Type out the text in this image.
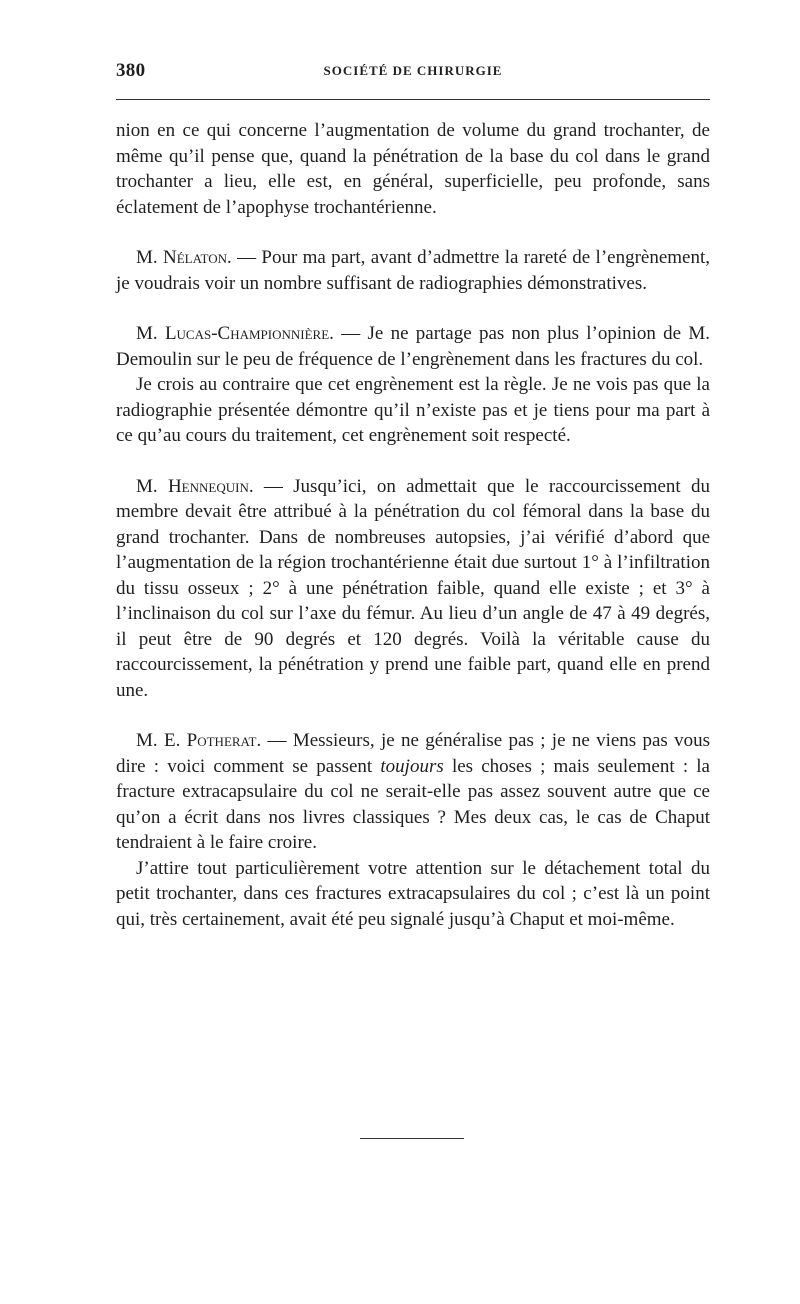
380	SOCIÉTÉ DE CHIRURGIE

nion en ce qui concerne l’augmentation de volume du grand trochanter, de même qu’il pense que, quand la pénétration de la base du col dans le grand trochanter a lieu, elle est, en général, superficielle, peu profonde, sans éclatement de l’apophyse trochantérienne.

M. Nélaton. — Pour ma part, avant d’admettre la rareté de l’engrènement, je voudrais voir un nombre suffisant de radiographies démonstratives.

M. Lucas-Championnière. — Je ne partage pas non plus l’opinion de M. Demoulin sur le peu de fréquence de l’engrènement dans les fractures du col.

Je crois au contraire que cet engrènement est la règle. Je ne vois pas que la radiographie présentée démontre qu’il n’existe pas et je tiens pour ma part à ce qu’au cours du traitement, cet engrènement soit respecté.

M. Hennequin. — Jusqu’ici, on admettait que le raccourcissement du membre devait être attribué à la pénétration du col fémoral dans la base du grand trochanter. Dans de nombreuses autopsies, j’ai vérifié d’abord que l’augmentation de la région trochantérienne était due surtout 1° à l’infiltration du tissu osseux ; 2° à une pénétration faible, quand elle existe ; et 3° à l’inclinaison du col sur l’axe du fémur. Au lieu d’un angle de 47 à 49 degrés, il peut être de 90 degrés et 120 degrés. Voilà la véritable cause du raccourcissement, la pénétration y prend une faible part, quand elle en prend une.

M. E. Potherat. — Messieurs, je ne généralise pas ; je ne viens pas vous dire : voici comment se passent toujours les choses ; mais seulement : la fracture extracapsulaire du col ne serait-elle pas assez souvent autre que ce qu’on a écrit dans nos livres classiques ? Mes deux cas, le cas de Chaput tendraient à le faire croire.

J’attire tout particulièrement votre attention sur le détachement total du petit trochanter, dans ces fractures extracapsulaires du col ; c’est là un point qui, très certainement, avait été peu signalé jusqu’à Chaput et moi-même.
